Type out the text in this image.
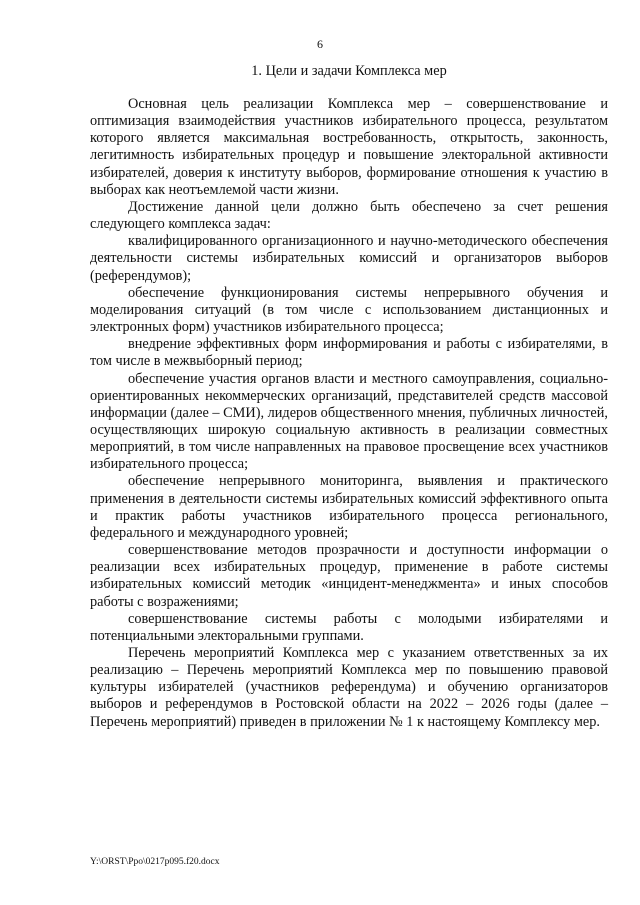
6
1. Цели и задачи Комплекса мер

Основная цель реализации Комплекса мер – совершенствование и оптимизация взаимодействия участников избирательного процесса, результатом которого является максимальная востребованность, открытость, законность, легитимность избирательных процедур и повышение электоральной активности избирателей, доверия к институту выборов, формирование отношения к участию в выборах как неотъемлемой части жизни.

Достижение данной цели должно быть обеспечено за счет решения следующего комплекса задач:

квалифицированного организационного и научно-методического обеспечения деятельности системы избирательных комиссий и организаторов выборов (референдумов);

обеспечение функционирования системы непрерывного обучения и моделирования ситуаций (в том числе с использованием дистанционных и электронных форм) участников избирательного процесса;

внедрение эффективных форм информирования и работы с избирателями, в том числе в межвыборный период;

обеспечение участия органов власти и местного самоуправления, социально-ориентированных некоммерческих организаций, представителей средств массовой информации (далее – СМИ), лидеров общественного мнения, публичных личностей, осуществляющих широкую социальную активность в реализации совместных мероприятий, в том числе направленных на правовое просвещение всех участников избирательного процесса;

обеспечение непрерывного мониторинга, выявления и практического применения в деятельности системы избирательных комиссий эффективного опыта и практик работы участников избирательного процесса регионального, федерального и международного уровней;

совершенствование методов прозрачности и доступности информации о реализации всех избирательных процедур, применение в работе системы избирательных комиссий методик «инцидент-менеджмента» и иных способов работы с возражениями;

совершенствование системы работы с молодыми избирателями и потенциальными электоральными группами.

Перечень мероприятий Комплекса мер с указанием ответственных за их реализацию – Перечень мероприятий Комплекса мер по повышению правовой культуры избирателей (участников референдума) и обучению организаторов выборов и референдумов в Ростовской области на 2022 – 2026 годы (далее – Перечень мероприятий) приведен в приложении № 1 к настоящему Комплексу мер.

Y:\ORST\Ppo\0217p095.f20.docx
